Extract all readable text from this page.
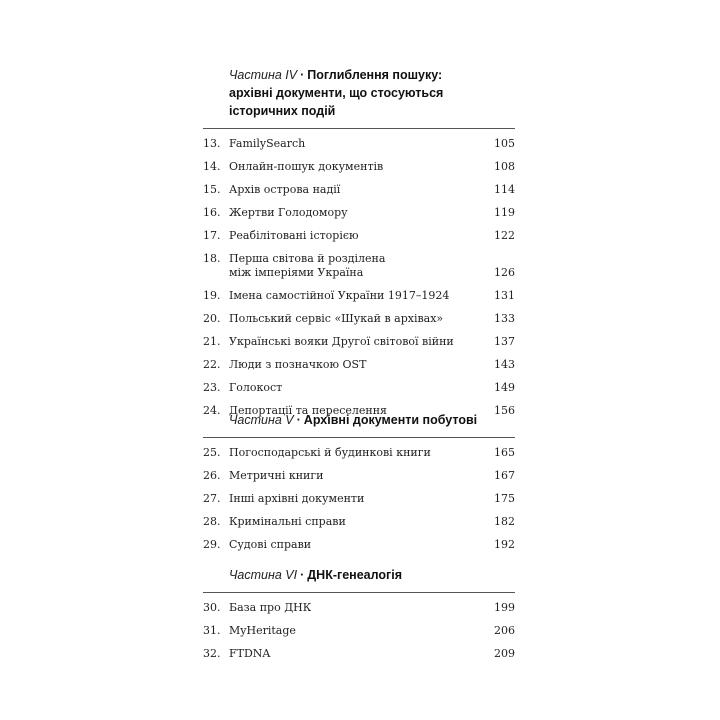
Частина IV · Поглиблення пошуку:
архівні документи, що стосуються
історичних подій
13. FamilySearch	105
14. Онлайн-пошук документів	108
15. Архів острова надії	114
16. Жертви Голодомору	119
17. Реабілітовані історією	122
18. Перша світова й розділена
між імперіями Україна	126
19. Імена самостійної України 1917–1924	131
20. Польський сервіс «Шукай в архівах»	133
21. Українські вояки Другої світової війни	137
22. Люди з позначкою OST	143
23. Голокост	149
24. Депортації та переселення	156
Частина V · Архівні документи побутові
25. Погосподарські й будинкові книги	165
26. Метричні книги	167
27. Інші архівні документи	175
28. Кримінальні справи	182
29. Судові справи	192
Частина VI · ДНК-генеалогія
30. База про ДНК	199
31. MyHeritage	206
32. FTDNA	209
